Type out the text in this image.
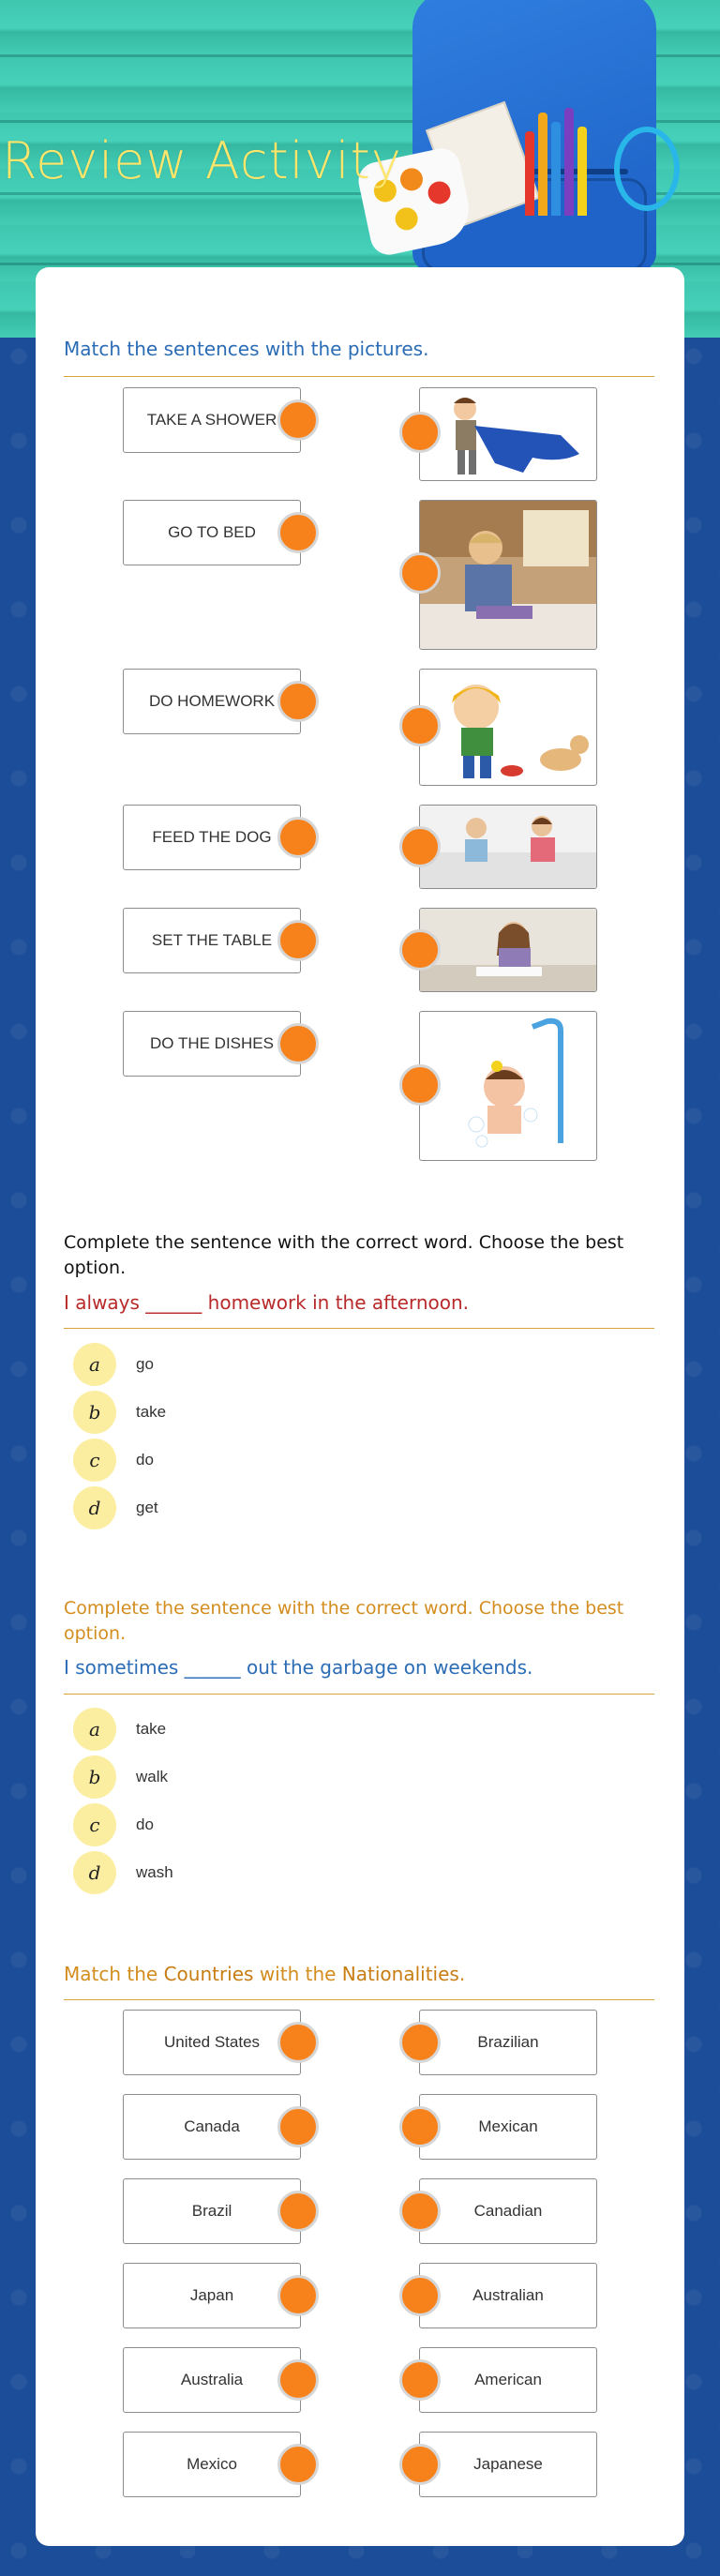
Review Activity
Match the sentences with the pictures.
TAKE A SHOWER
GO TO BED
DO HOMEWORK
FEED THE DOG
SET THE TABLE
DO THE DISHES
Complete the sentence with the correct word. Choose the best option.
I always ______ homework in the afternoon.
a	go
b	take
c	do
d	get
Complete the sentence with the correct word. Choose the best option.
I sometimes ______ out the garbage on weekends.
a	take
b	walk
c	do
d	wash
Match the Countries with the Nationalities.
United States	Brazilian
Canada	Mexican
Brazil	Canadian
Japan	Australian
Australia	American
Mexico	Japanese
